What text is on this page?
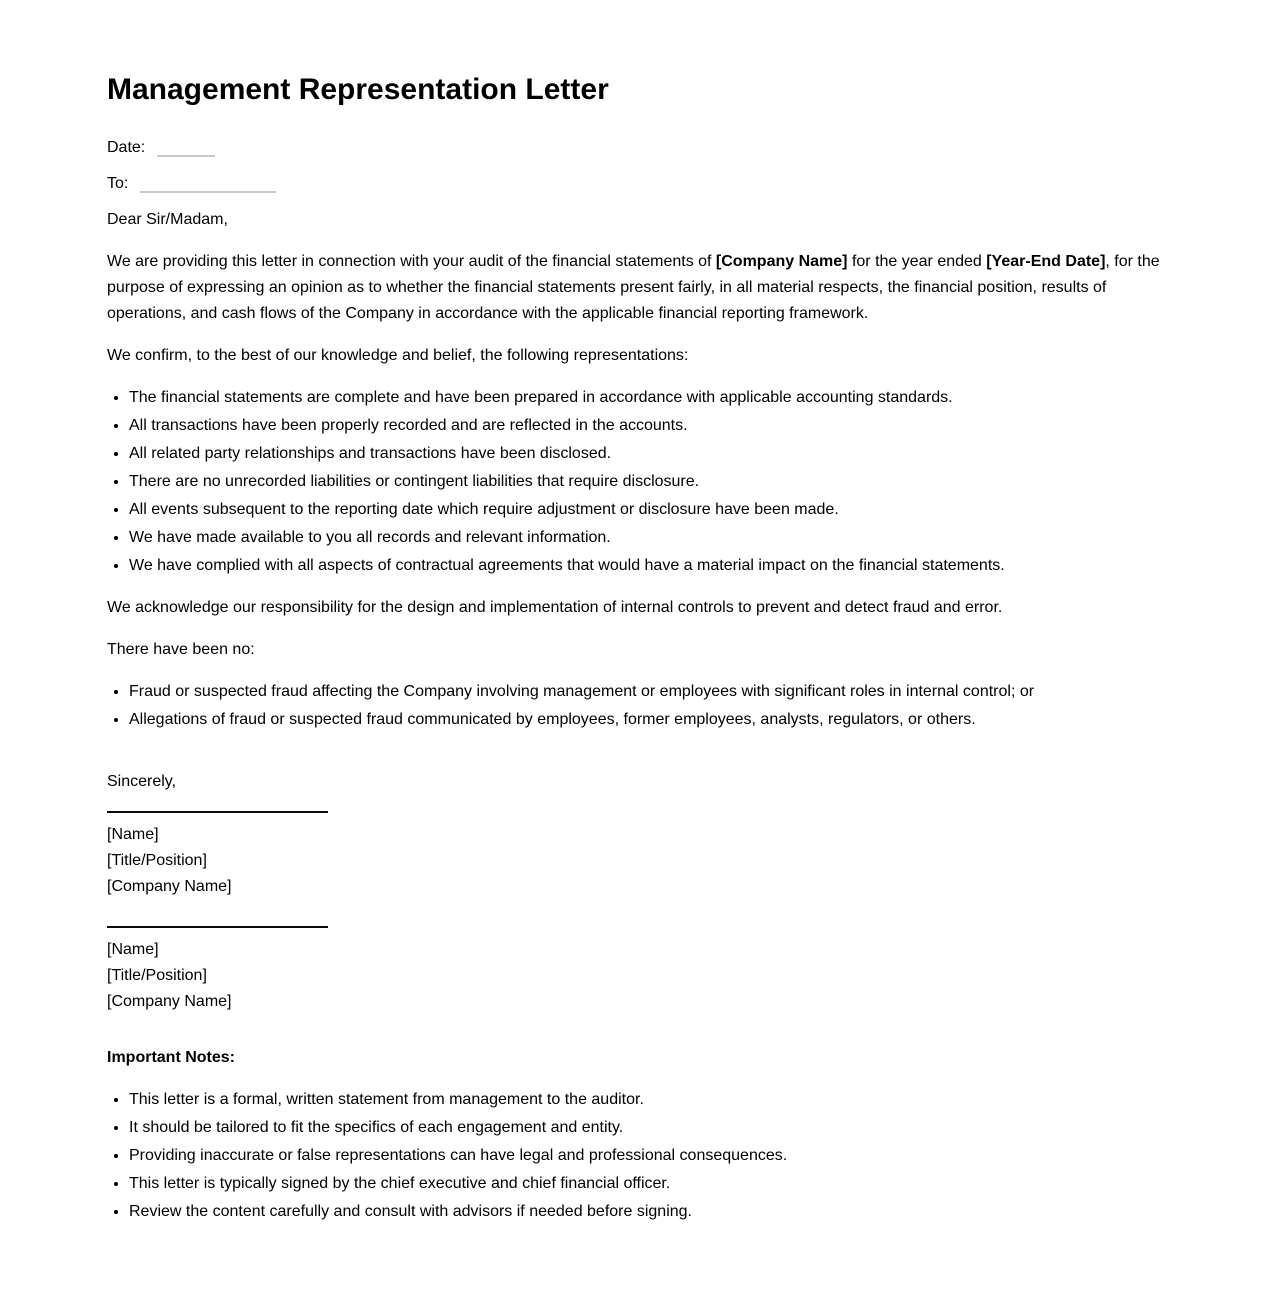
Management Representation Letter

Date:

To:

Dear Sir/Madam,

We are providing this letter in connection with your audit of the financial statements of [Company Name] for the year ended [Year-End Date], for the purpose of expressing an opinion as to whether the financial statements present fairly, in all material respects, the financial position, results of operations, and cash flows of the Company in accordance with the applicable financial reporting framework.

We confirm, to the best of our knowledge and belief, the following representations:

• The financial statements are complete and have been prepared in accordance with applicable accounting standards.
• All transactions have been properly recorded and are reflected in the accounts.
• All related party relationships and transactions have been disclosed.
• There are no unrecorded liabilities or contingent liabilities that require disclosure.
• All events subsequent to the reporting date which require adjustment or disclosure have been made.
• We have made available to you all records and relevant information.
• We have complied with all aspects of contractual agreements that would have a material impact on the financial statements.

We acknowledge our responsibility for the design and implementation of internal controls to prevent and detect fraud and error.

There have been no:

• Fraud or suspected fraud affecting the Company involving management or employees with significant roles in internal control; or
• Allegations of fraud or suspected fraud communicated by employees, former employees, analysts, regulators, or others.

Sincerely,

[Name]
[Title/Position]
[Company Name]
[Name]
[Title/Position]
[Company Name]

Important Notes:

• This letter is a formal, written statement from management to the auditor.
• It should be tailored to fit the specifics of each engagement and entity.
• Providing inaccurate or false representations can have legal and professional consequences.
• This letter is typically signed by the chief executive and chief financial officer.
• Review the content carefully and consult with advisors if needed before signing.
